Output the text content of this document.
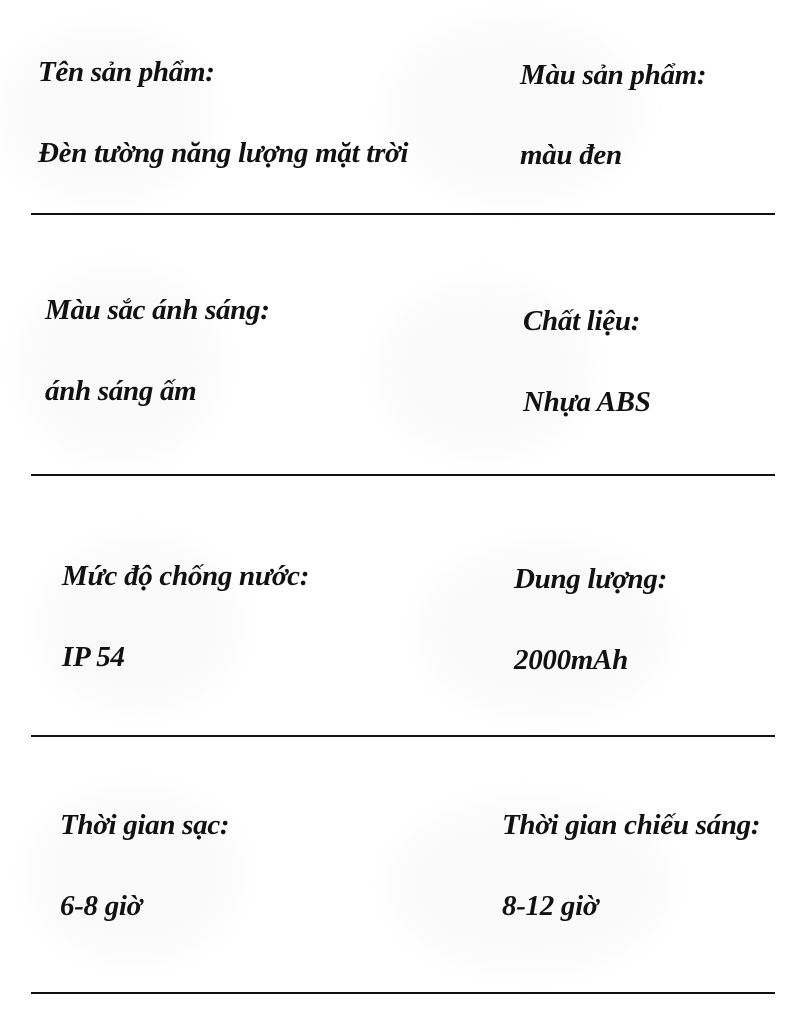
Tên sản phẩm:
Đèn tường năng lượng mặt trời
Màu sản phẩm:
màu đen
Màu sắc ánh sáng:
ánh sáng ấm
Chất liệu:
Nhựa ABS
Mức độ chống nước:
IP 54
Dung lượng:
2000mAh
Thời gian sạc:
6-8 giờ
Thời gian chiếu sáng:
8-12 giờ
